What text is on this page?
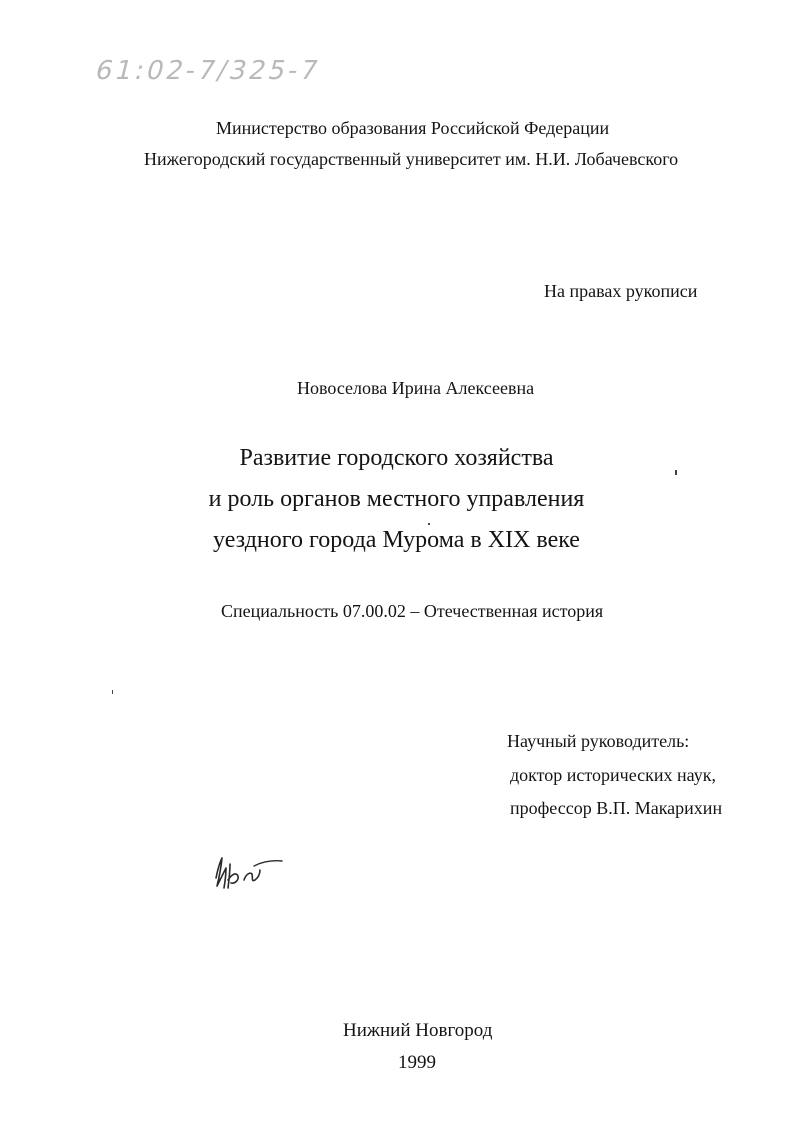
61:02-7/325-7

Министерство образования Российской Федерации

Нижегородский государственный университет им. Н.И. Лобачевского

На правах рукописи

Новоселова Ирина Алексеевна

Развитие городского хозяйства

и роль органов местного управления

уездного города Мурома в XIX веке

Специальность 07.00.02 – Отечественная история

Научный руководитель:

доктор исторических наук,

профессор В.П. Макарихин

Нижний Новгород

1999
